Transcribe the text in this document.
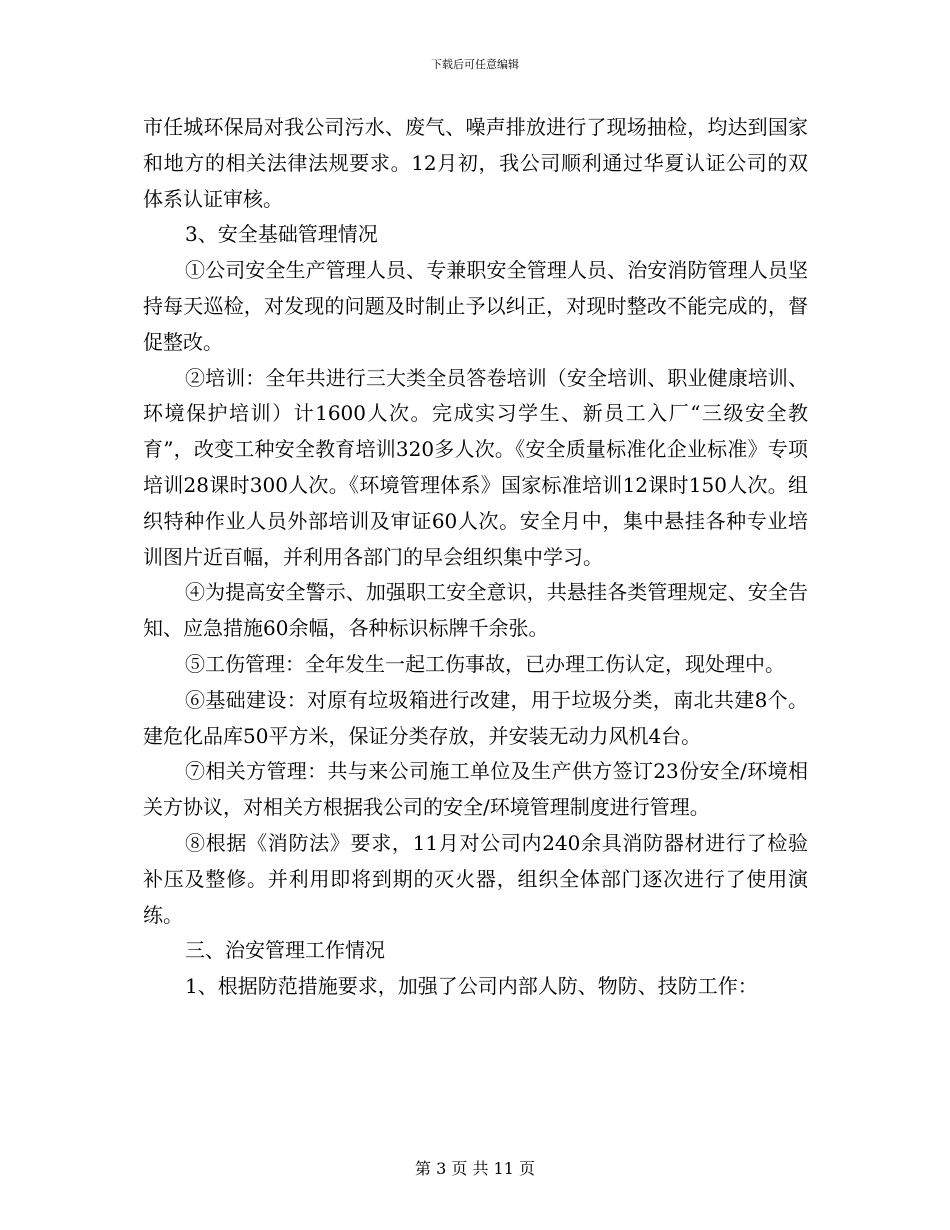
下载后可任意编辑

市任城环保局对我公司污水、废气、噪声排放进行了现场抽检，均达到国家和地方的相关法律法规要求。12月初，我公司顺利通过华夏认证公司的双体系认证审核。

3、安全基础管理情况

①公司安全生产管理人员、专兼职安全管理人员、治安消防管理人员坚持每天巡检，对发现的问题及时制止予以纠正，对现时整改不能完成的，督促整改。

②培训：全年共进行三大类全员答卷培训（安全培训、职业健康培训、环境保护培训）计1600人次。完成实习学生、新员工入厂“三级安全教育”，改变工种安全教育培训320多人次。《安全质量标准化企业标准》专项培训28课时300人次。《环境管理体系》国家标准培训12课时150人次。组织特种作业人员外部培训及审证60人次。安全月中，集中悬挂各种专业培训图片近百幅，并利用各部门的早会组织集中学习。

④为提高安全警示、加强职工安全意识，共悬挂各类管理规定、安全告知、应急措施60余幅，各种标识标牌千余张。

⑤工伤管理：全年发生一起工伤事故，已办理工伤认定，现处理中。

⑥基础建设：对原有垃圾箱进行改建，用于垃圾分类，南北共建8个。建危化品库50平方米，保证分类存放，并安装无动力风机4台。

⑦相关方管理：共与来公司施工单位及生产供方签订23份安全/环境相关方协议，对相关方根据我公司的安全/环境管理制度进行管理。

⑧根据《消防法》要求，11月对公司内240余具消防器材进行了检验补压及整修。并利用即将到期的灭火器，组织全体部门逐次进行了使用演练。

三、治安管理工作情况

1、根据防范措施要求，加强了公司内部人防、物防、技防工作：

第 3 页 共 11 页
